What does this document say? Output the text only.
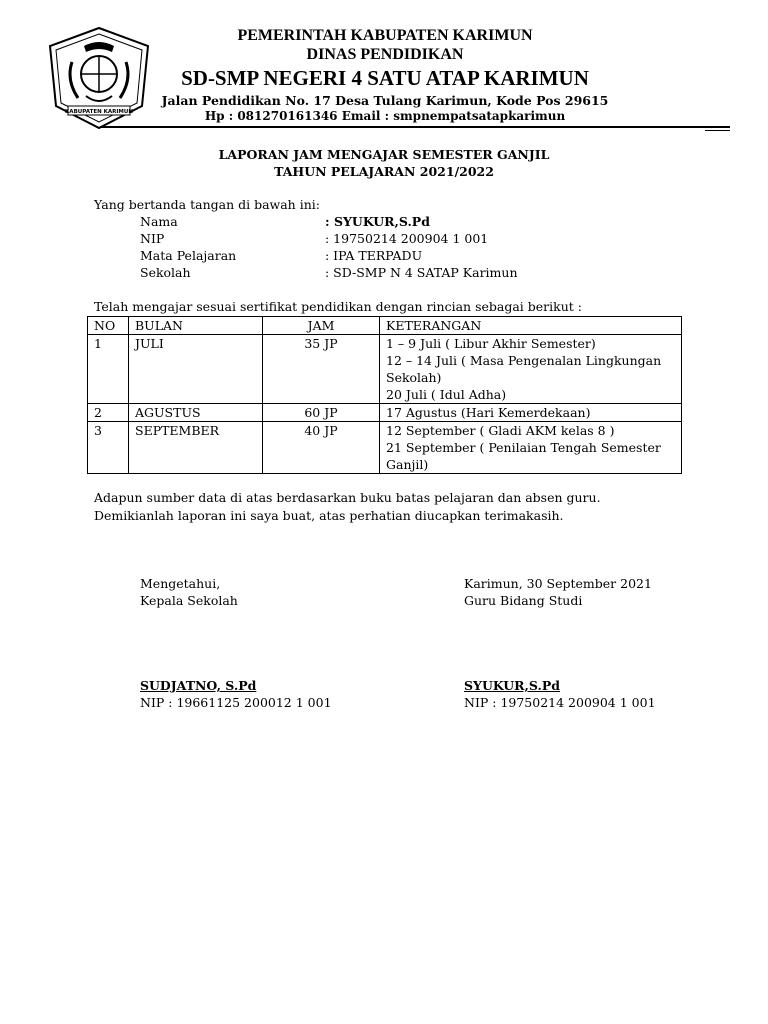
KABUPATEN KARIMUN
PEMERINTAH KABUPATEN KARIMUN
DINAS PENDIDIKAN
SD-SMP NEGERI 4 SATU ATAP KARIMUN
Jalan Pendidikan No. 17 Desa Tulang Karimun, Kode Pos 29615
Hp : 081270161346 Email : smpnempatsatapkarimun
LAPORAN JAM MENGAJAR SEMESTER GANJIL
TAHUN PELAJARAN 2021/2022
Yang bertanda tangan di bawah ini:
Nama	: SYUKUR,S.Pd
NIP	: 19750214 200904 1 001
Mata Pelajaran	: IPA TERPADU
Sekolah	: SD-SMP N 4 SATAP Karimun
Telah mengajar sesuai sertifikat pendidikan dengan rincian sebagai berikut :
NO	BULAN	JAM	KETERANGAN
1	JULI	35 JP	1 – 9 Juli ( Libur Akhir Semester)
12 – 14 Juli ( Masa Pengenalan Lingkungan Sekolah)
20 Juli ( Idul Adha)

2	AGUSTUS	60 JP	17 Agustus (Hari Kemerdekaan)

3	SEPTEMBER	40 JP	12 September ( Gladi AKM kelas 8 )
21 September ( Penilaian Tengah Semester Ganjil)
Adapun sumber data di atas berdasarkan buku batas pelajaran dan absen guru.
Demikianlah laporan ini saya buat, atas perhatian diucapkan terimakasih.
Mengetahui,
Kepala Sekolah
SUDJATNO, S.Pd
NIP : 19661125 200012 1 001
Karimun, 30 September 2021
Guru Bidang Studi
SYUKUR,S.Pd
NIP : 19750214 200904 1 001
